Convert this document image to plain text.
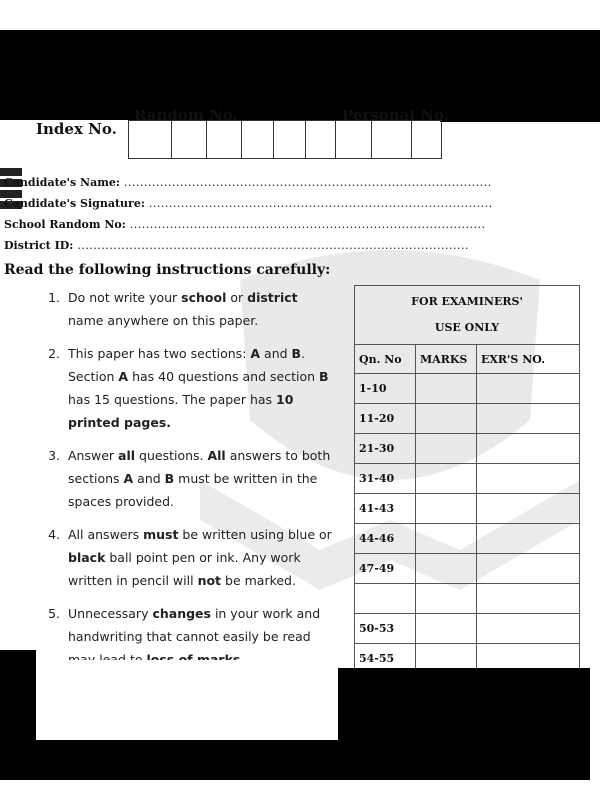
Index No.
Random No.	Personal No.
Candidate's Name: ............................................................................................
Candidate's Signature: ......................................................................................
School Random No: .........................................................................................
District ID: ..................................................................................................
Read the following instructions carefully:
1. Do not write your school or district name anywhere on this paper.
2. This paper has two sections: A and B. Section A has 40 questions and section B has 15 questions. The paper has 10 printed pages.
3. Answer all questions. All answers to both sections A and B must be written in the spaces provided.
4. All answers must be written using blue or black ball point pen or ink. Any work written in pencil will not be marked.
5. Unnecessary changes in your work and handwriting that cannot easily be read
FOR EXAMINERS'
USE ONLY		

Qn. No	MARKS	EXR'S NO.
1-10		
11-20		
21-30		
31-40		
41-43		
44-46		
47-49		

50-53		
54-55		
